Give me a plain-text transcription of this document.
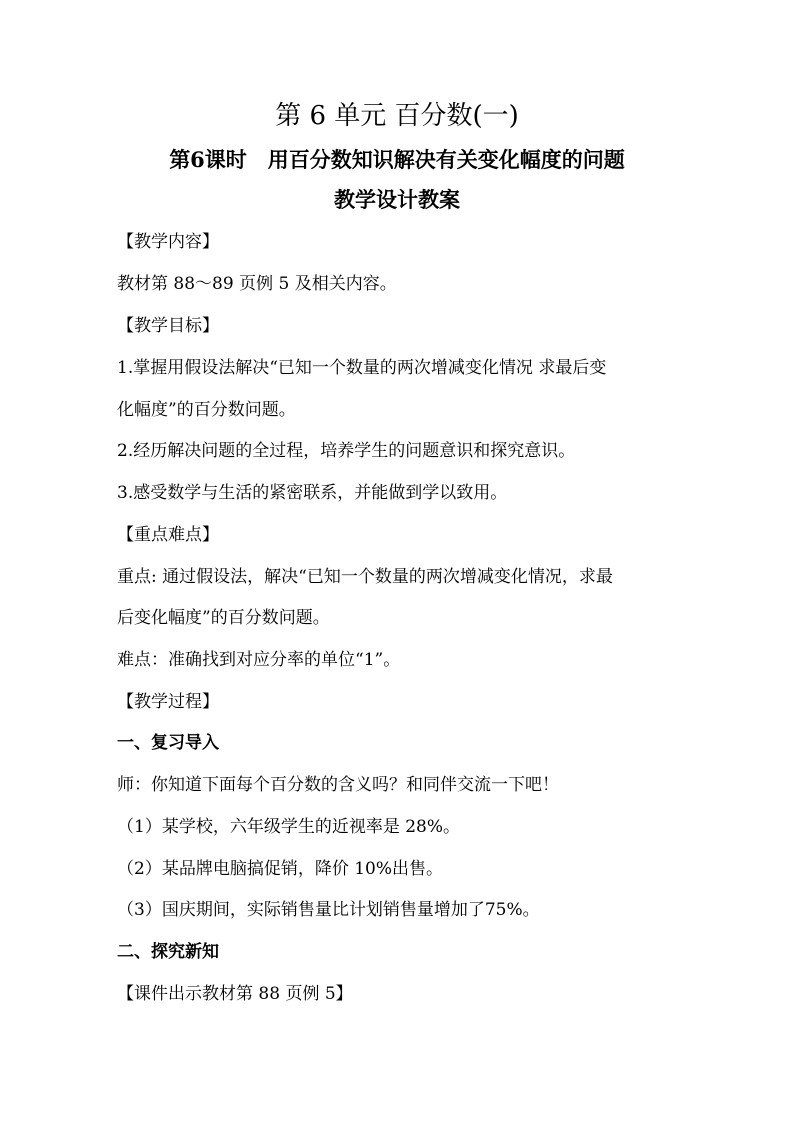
第 6 单元 百分数(一)
第6课时　用百分数知识解决有关变化幅度的问题
教学设计教案
【教学内容】
教材第 88～89 页例 5 及相关内容。
【教学目标】
1.掌握用假设法解决“已知一个数量的两次增减变化情况 求最后变
化幅度”的百分数问题。
2.经历解决问题的全过程，培养学生的问题意识和探究意识。
3.感受数学与生活的紧密联系，并能做到学以致用。
【重点难点】
重点: 通过假设法，解决“已知一个数量的两次增减变化情况，求最
后变化幅度”的百分数问题。
难点：准确找到对应分率的单位“1”。
【教学过程】
一、复习导入
师：你知道下面每个百分数的含义吗？和同伴交流一下吧！
（1）某学校，六年级学生的近视率是 28%。
（2）某品牌电脑搞促销，降价 10%出售。
（3）国庆期间，实际销售量比计划销售量增加了75%。
二、探究新知
【课件出示教材第 88 页例 5】
